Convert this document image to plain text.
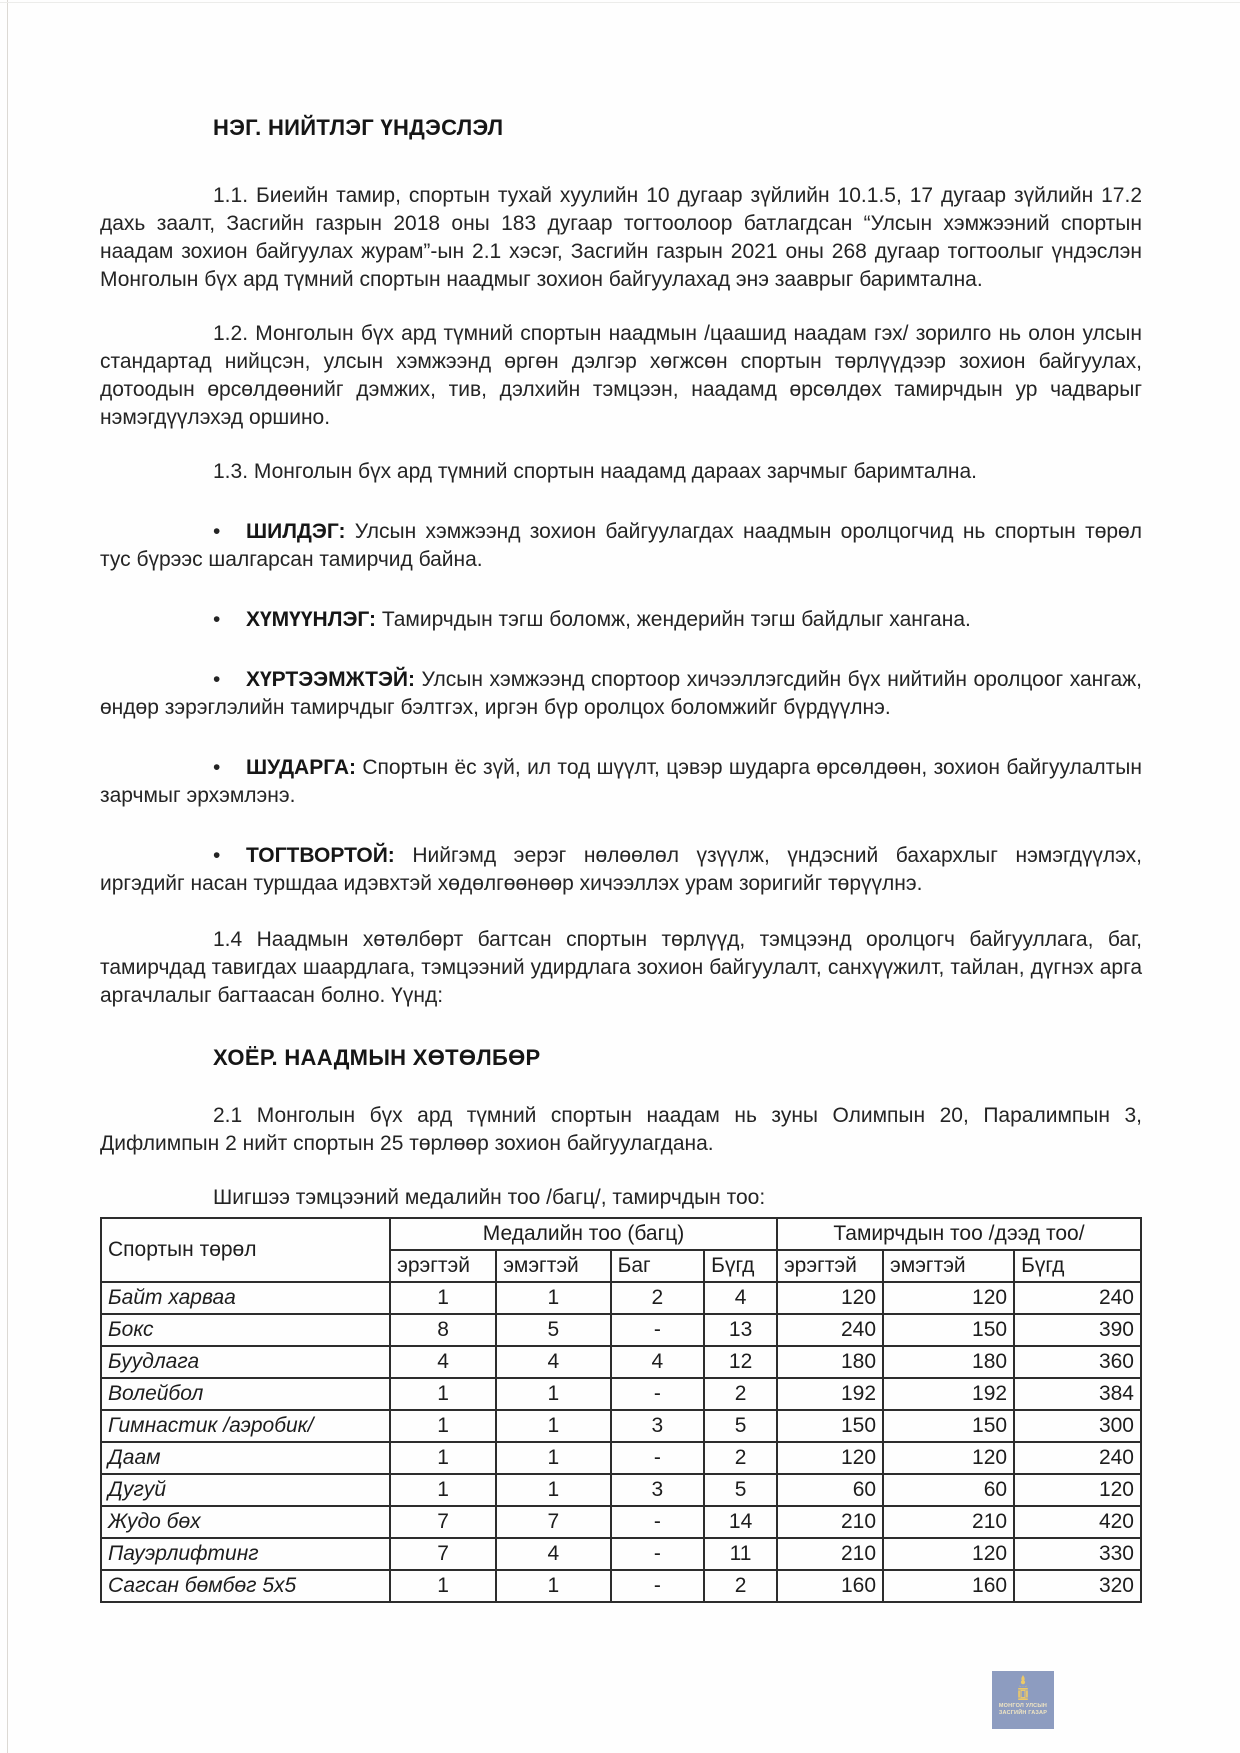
НЭГ. НИЙТЛЭГ ҮНДЭСЛЭЛ

1.1. Биеийн тамир, спортын тухай хуулийн 10 дугаар зүйлийн 10.1.5, 17 дугаар зүйлийн 17.2 дахь заалт, Засгийн газрын 2018 оны 183 дугаар тогтоолоор батлагдсан “Улсын хэмжээний спортын наадам зохион байгуулах журам”-ын 2.1 хэсэг, Засгийн газрын 2021 оны 268 дугаар тогтоолыг үндэслэн Монголын бүх ард түмний спортын наадмыг зохион байгуулахад энэ зааврыг баримтална.

1.2. Монголын бүх ард түмний спортын наадмын /цаашид наадам гэх/ зорилго нь олон улсын стандартад нийцсэн, улсын хэмжээнд өргөн дэлгэр хөгжсөн спортын төрлүүдээр зохион байгуулах, дотоодын өрсөлдөөнийг дэмжих, тив, дэлхийн тэмцээн, наадамд өрсөлдөх тамирчдын ур чадварыг нэмэгдүүлэхэд оршино.

1.3. Монголын бүх ард түмний спортын наадамд дараах зарчмыг баримтална.

• ШИЛДЭГ: Улсын хэмжээнд зохион байгуулагдах наадмын оролцогчид нь спортын төрөл тус бүрээс шалгарсан тамирчид байна.

• ХҮМҮҮНЛЭГ: Тамирчдын тэгш боломж, жендерийн тэгш байдлыг хангана.

• ХҮРТЭЭМЖТЭЙ: Улсын хэмжээнд спортоор хичээллэгсдийн бүх нийтийн оролцоог хангаж, өндөр зэрэглэлийн тамирчдыг бэлтгэх, иргэн бүр оролцох боломжийг бүрдүүлнэ.

• ШУДАРГА: Спортын ёс зүй, ил тод шүүлт, цэвэр шударга өрсөлдөөн, зохион байгуулалтын зарчмыг эрхэмлэнэ.

• ТОГТВОРТОЙ: Нийгэмд эерэг нөлөөлөл үзүүлж, үндэсний бахархлыг нэмэгдүүлэх, иргэдийг насан туршдаа идэвхтэй хөдөлгөөнөөр хичээллэх урам зоригийг төрүүлнэ.

1.4 Наадмын хөтөлбөрт багтсан спортын төрлүүд, тэмцээнд оролцогч байгууллага, баг, тамирчдад тавигдах шаардлага, тэмцээний удирдлага зохион байгуулалт, санхүүжилт, тайлан, дүгнэх арга аргачлалыг багтаасан болно. Үүнд:

ХОЁР. НААДМЫН ХӨТӨЛБӨР

2.1 Монголын бүх ард түмний спортын наадам нь зуны Олимпын 20, Паралимпын 3, Дифлимпын 2 нийт спортын 25 төрлөөр зохион байгуулагдана.

Шигшээ тэмцээний медалийн тоо /багц/, тамирчдын тоо:

Спортын төрөл	Медалийн тоо (багц)				Тамирчдын тоо /дээд тоо/		
	эрэгтэй	эмэгтэй	Баг	Бүгд	эрэгтэй	эмэгтэй	Бүгд
Байт харваа	1	1	2	4	120	120	240
Бокс	8	5	-	13	240	150	390
Буудлага	4	4	4	12	180	180	360
Волейбол	1	1	-	2	192	192	384
Гимнастик /аэробик/	1	1	3	5	150	150	300
Даам	1	1	-	2	120	120	240
Дугуй	1	1	3	5	60	60	120
Жудо бөх	7	7	-	14	210	210	420
Пауэрлифтинг	7	4	-	11	210	120	330
Сагсан бөмбөг 5х5	1	1	-	2	160	160	320
МОНГОЛ УЛСЫН
ЗАСГИЙН ГАЗАР
